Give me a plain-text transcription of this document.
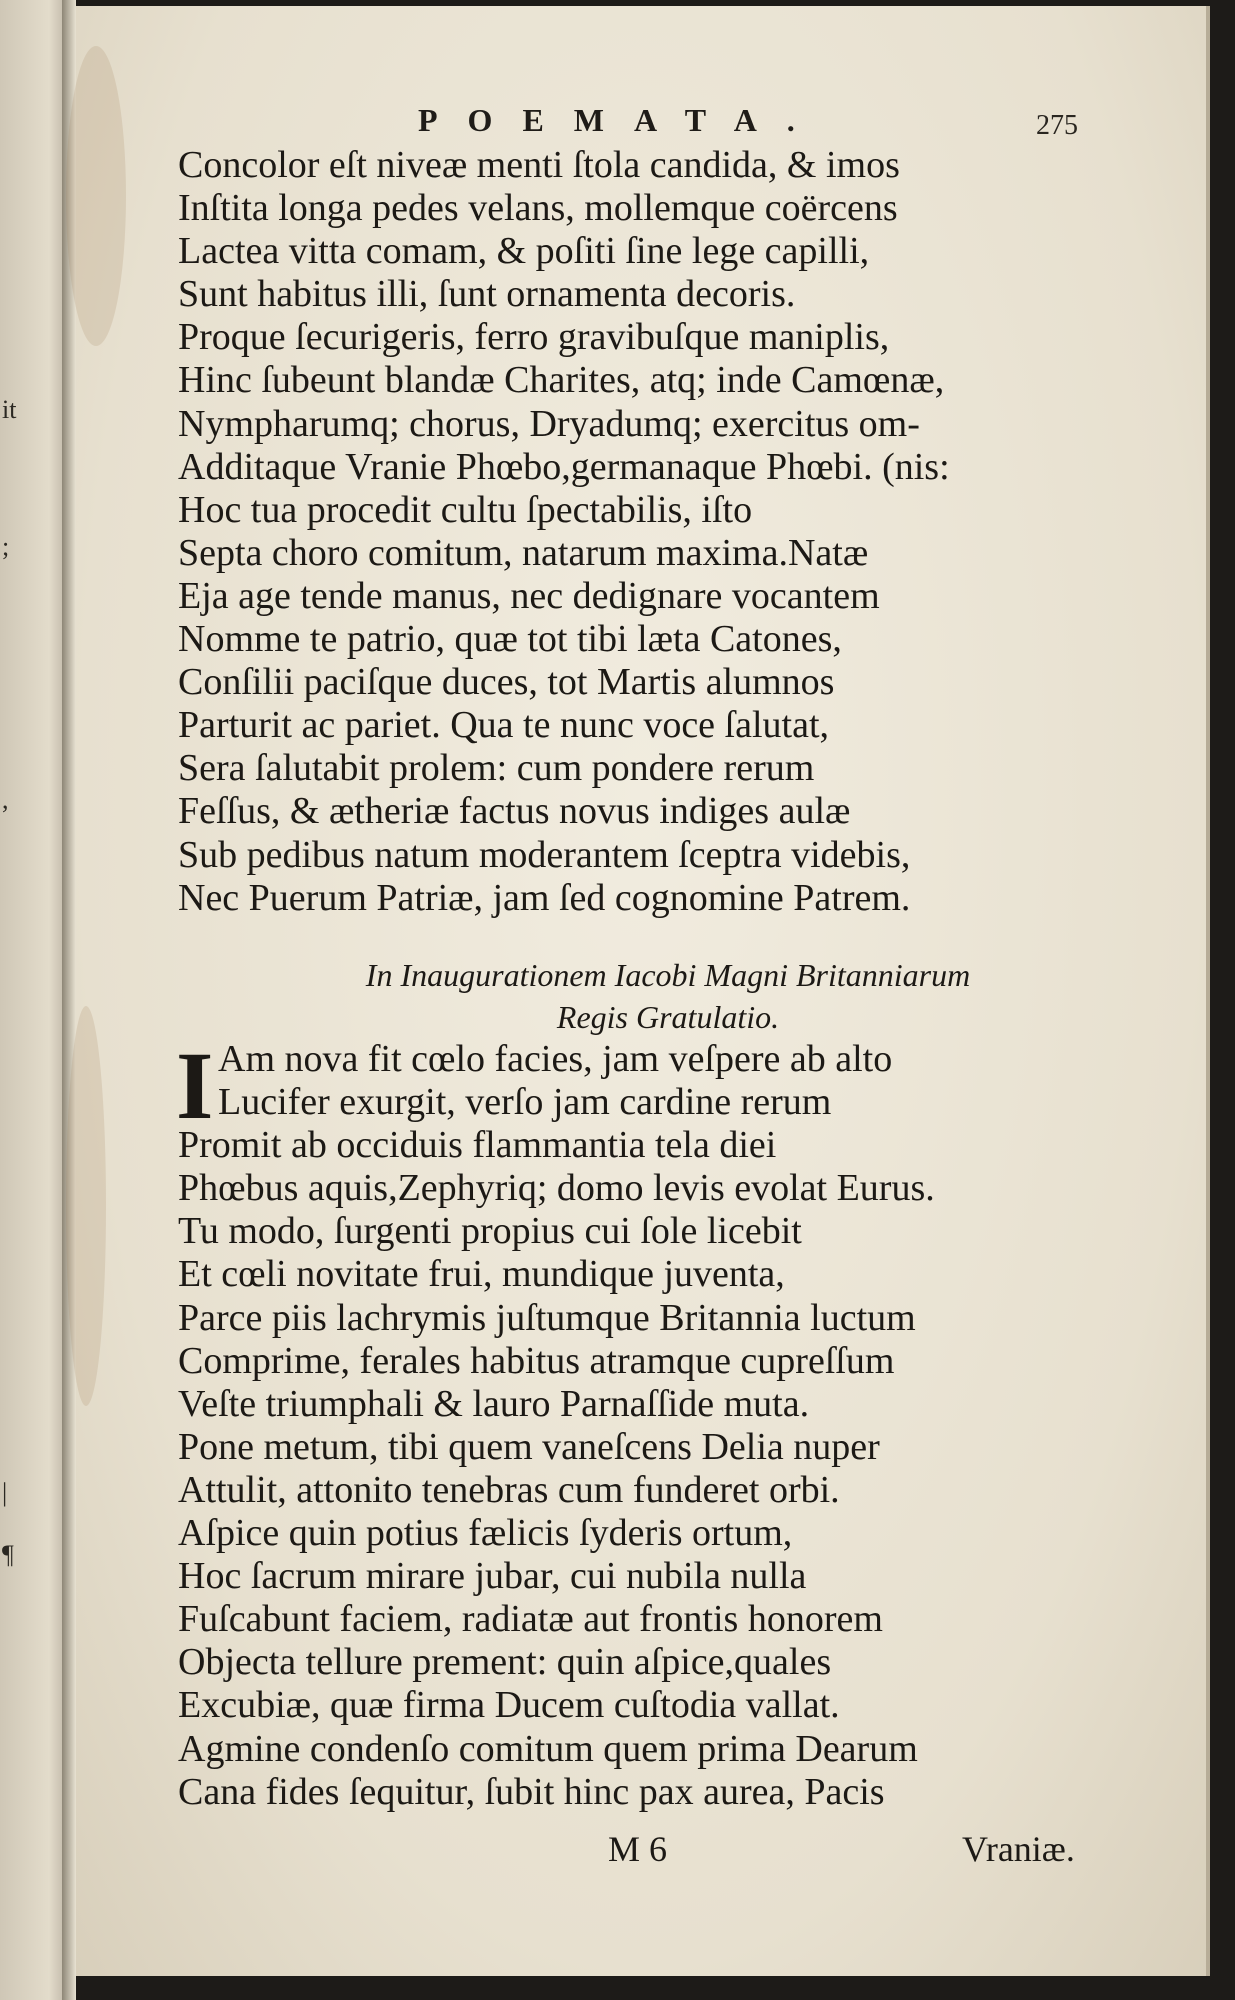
it
;
,
|
¶
POEMATA.	275
Concolor eſt niveæ menti ſtola candida, & imos
Inſtita longa pedes velans, mollemque coërcens
Lactea vitta comam, & poſiti ſine lege capilli,
Sunt habitus illi, ſunt ornamenta decoris.
Proque ſecurigeris, ferro gravibuſque maniplis,
Hinc ſubeunt blandæ Charites, atq; inde Camœnæ,
Nympharumq; chorus, Dryadumq; exercitus om-
Additaque Vranie Phœbo,germanaque Phœbi. (nis:
Hoc tua procedit cultu ſpectabilis, iſto
Septa choro comitum, natarum maxima.Natæ
Eja age tende manus, nec dedignare vocantem
Nomme te patrio, quæ tot tibi læta Catones,
Conſilii paciſque duces, tot Martis alumnos
Parturit ac pariet. Qua te nunc voce ſalutat,
Sera ſalutabit prolem: cum pondere rerum
Feſſus, & ætheriæ factus novus indiges aulæ
Sub pedibus natum moderantem ſceptra videbis,
Nec Puerum Patriæ, jam ſed cognomine Patrem.
In Inaugurationem Iacobi Magni Britanniarum
Regis Gratulatio.
I Am nova fit cœlo facies, jam veſpere ab alto
Lucifer exurgit, verſo jam cardine rerum
Promit ab occiduis flammantia tela diei
Phœbus aquis,Zephyriq; domo levis evolat Eurus.
Tu modo, ſurgenti propius cui ſole licebit
Et cœli novitate frui, mundique juventa,
Parce piis lachrymis juſtumque Britannia luctum
Comprime, ferales habitus atramque cupreſſum
Veſte triumphali & lauro Parnaſſide muta.
Pone metum, tibi quem vaneſcens Delia nuper
Attulit, attonito tenebras cum funderet orbi.
Aſpice quin potius fælicis ſyderis ortum,
Hoc ſacrum mirare jubar, cui nubila nulla
Fuſcabunt faciem, radiatæ aut frontis honorem
Objecta tellure prement: quin aſpice,quales
Excubiæ, quæ firma Ducem cuſtodia vallat.
Agmine condenſo comitum quem prima Dearum
Cana fides ſequitur, ſubit hinc pax aurea, Pacis
M 6	Vraniæ.
